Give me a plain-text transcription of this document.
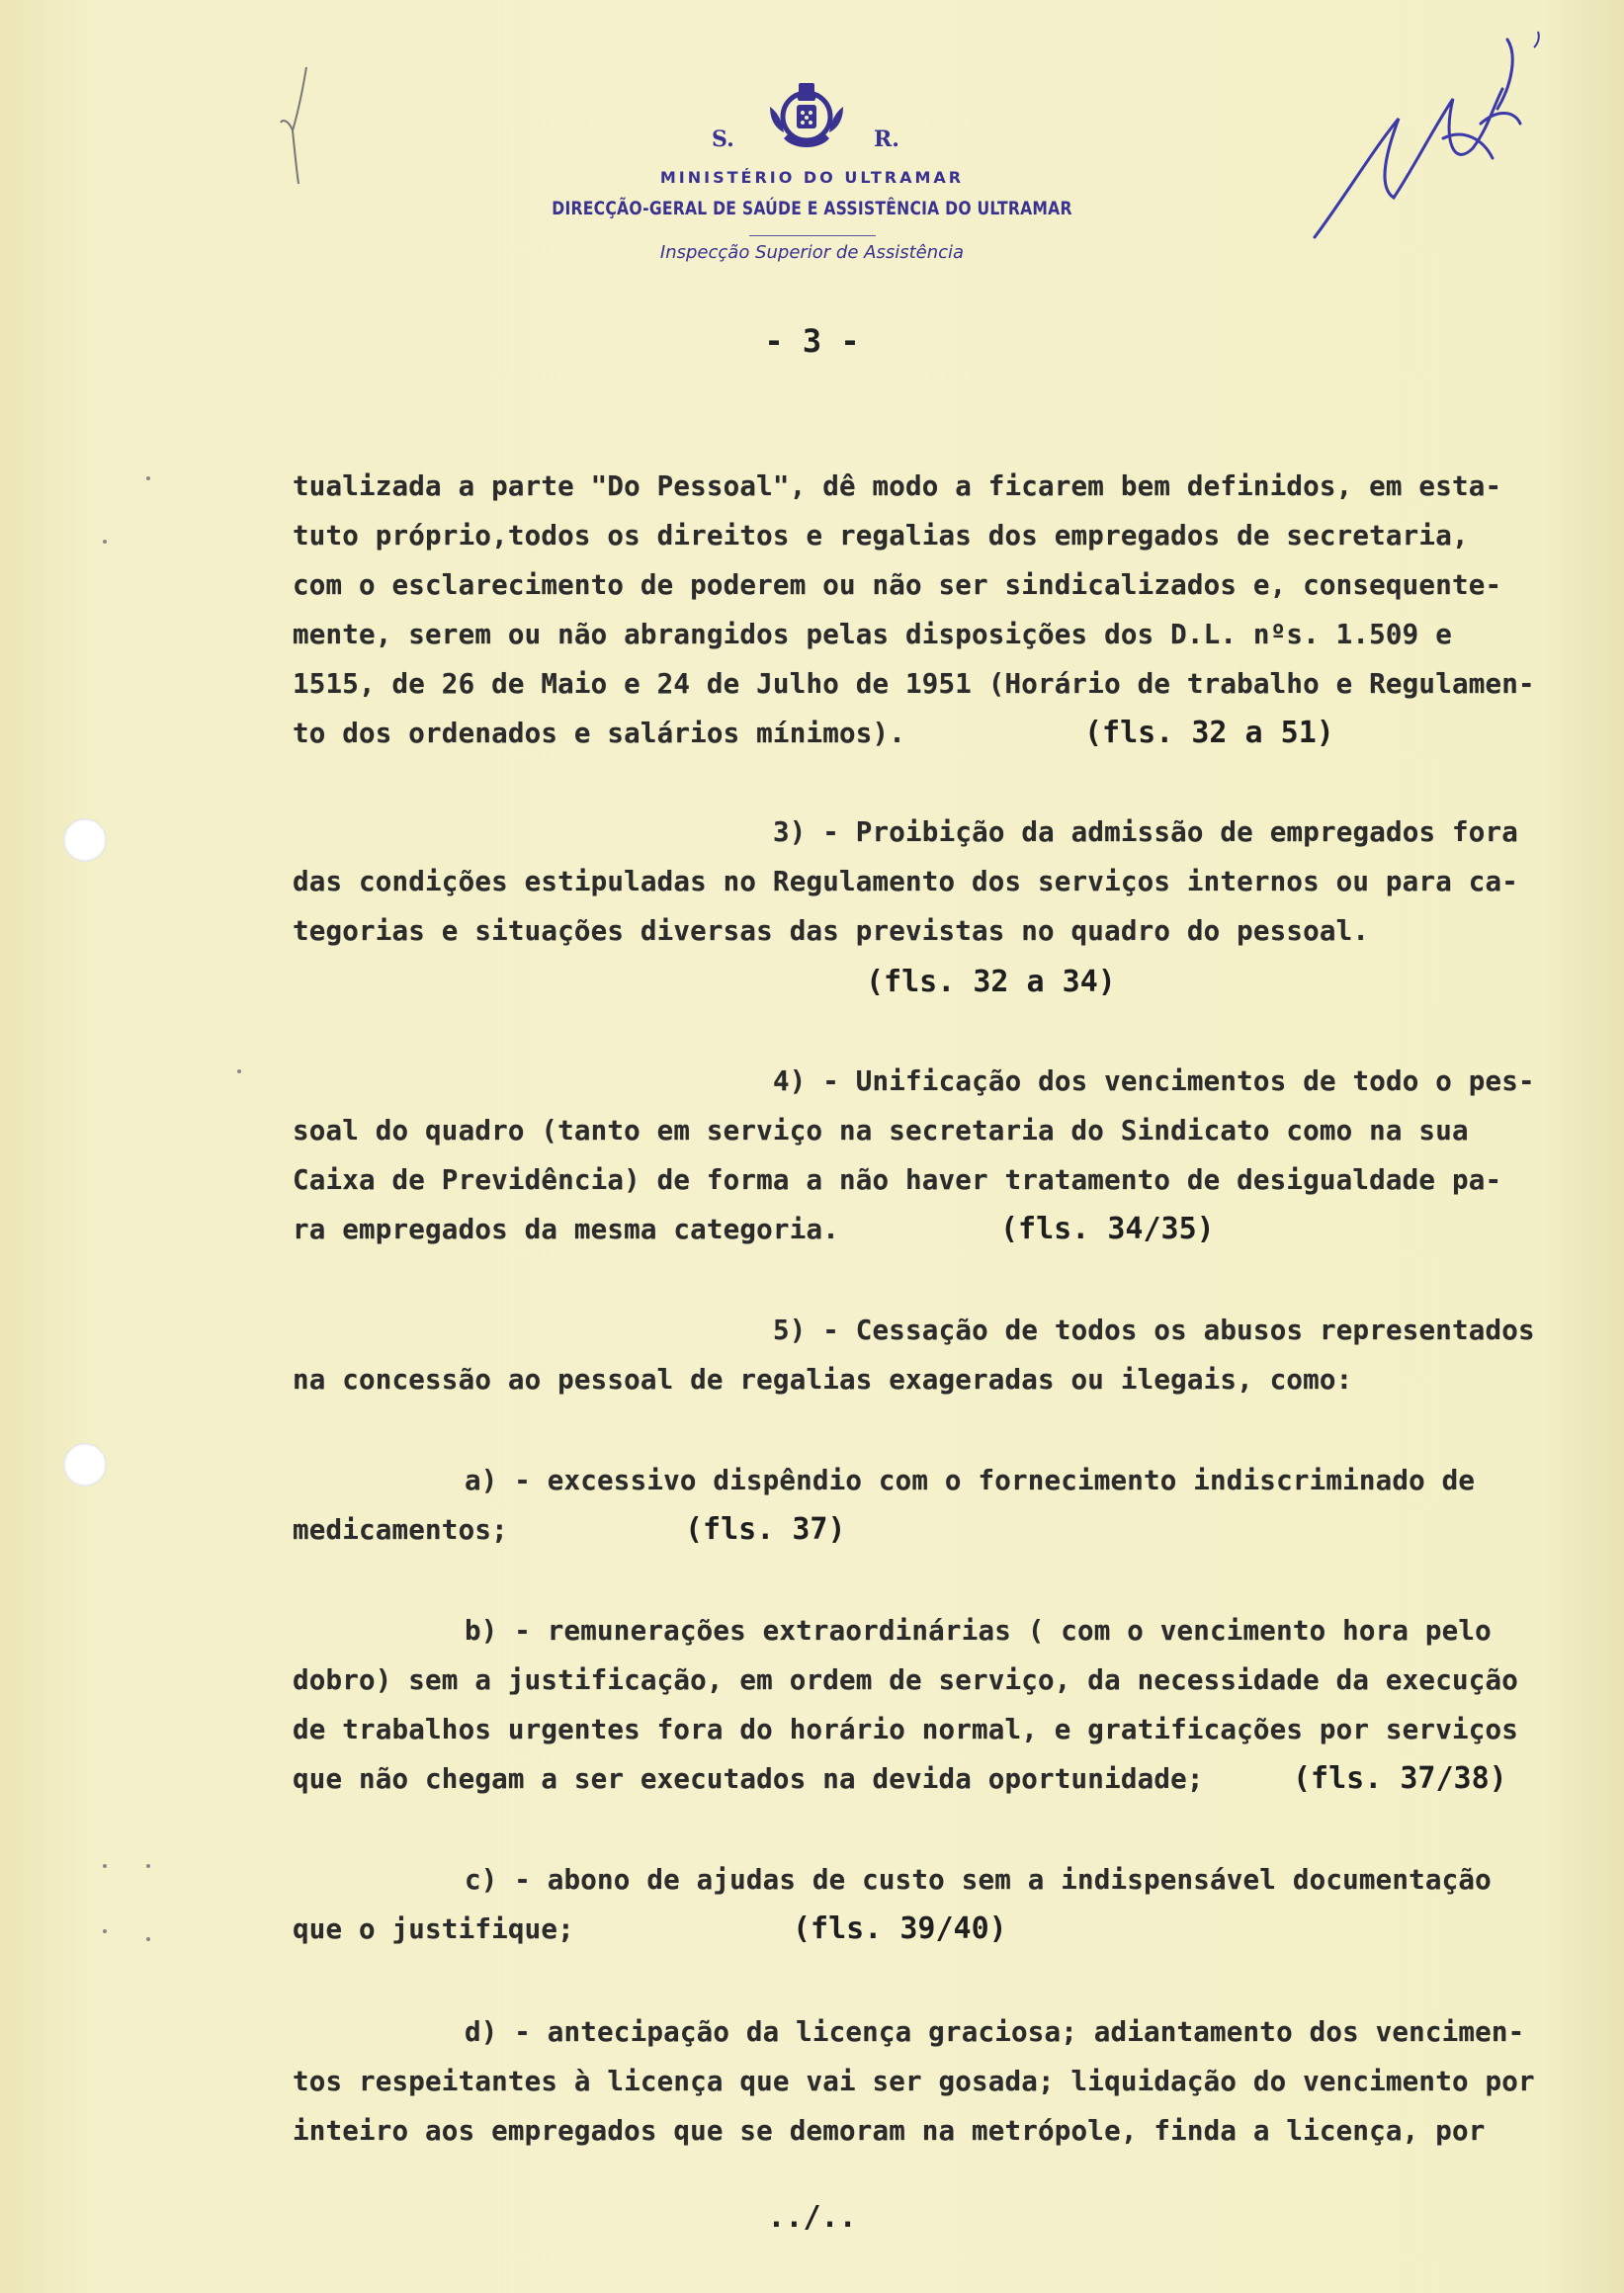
S.	R.
MINISTÉRIO DO ULTRAMAR
DIRECÇÃO-GERAL DE SAÚDE E ASSISTÊNCIA DO ULTRAMAR
Inspecção Superior de Assistência
- 3 -
tualizada a parte "Do Pessoal", dê modo a ficarem bem definidos, em esta-
tuto próprio,todos os direitos e regalias dos empregados de secretaria,
com o esclarecimento de poderem ou não ser sindicalizados e, consequente-
mente, serem ou não abrangidos pelas disposições dos D.L. nºs. 1.509 e
1515, de 26 de Maio e 24 de Julho de 1951 (Horário de trabalho e Regulamen-
to dos ordenados e salários mínimos).	(fls. 32 a 51)
3) - Proibição da admissão de empregados fora
das condições estipuladas no Regulamento dos serviços internos ou para ca-
tegorias e situações diversas das previstas no quadro do pessoal.
(fls. 32 a 34)
4) - Unificação dos vencimentos de todo o pes-
soal do quadro (tanto em serviço na secretaria do Sindicato como na sua
Caixa de Previdência) de forma a não haver tratamento de desigualdade pa-
ra empregados da mesma categoria.	(fls. 34/35)
5) - Cessação de todos os abusos representados
na concessão ao pessoal de regalias exageradas ou ilegais, como:
a) - excessivo dispêndio com o fornecimento indiscriminado de
medicamentos;	(fls. 37)
b) - remunerações extraordinárias ( com o vencimento hora pelo
dobro) sem a justificação, em ordem de serviço, da necessidade da execução
de trabalhos urgentes fora do horário normal, e gratificações por serviços
que não chegam a ser executados na devida oportunidade;	(fls. 37/38)
c) - abono de ajudas de custo sem a indispensável documentação
que o justifique;	(fls. 39/40)
d) - antecipação da licença graciosa; adiantamento dos vencimen-
tos respeitantes à licença que vai ser gosada; liquidação do vencimento por
inteiro aos empregados que se demoram na metrópole, finda a licença, por
../..
